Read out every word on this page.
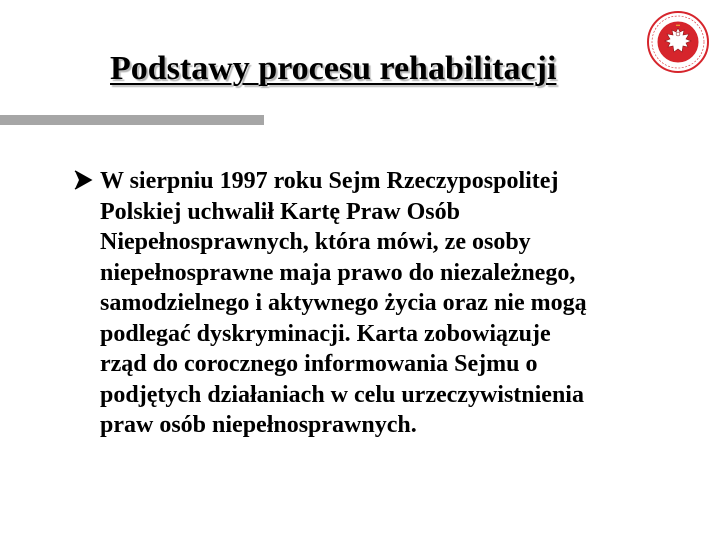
Podstawy procesu rehabilitacji
W sierpniu 1997 roku Sejm Rzeczypospolitej
Polskiej uchwalił Kartę Praw Osób
Niepełnosprawnych, która mówi, ze osoby
niepełnosprawne maja prawo do niezależnego,
samodzielnego i aktywnego życia oraz nie mogą
podlegać dyskryminacji. Karta zobowiązuje
rząd do corocznego informowania Sejmu o
podjętych działaniach w celu urzeczywistnienia
praw osób niepełnosprawnych.
